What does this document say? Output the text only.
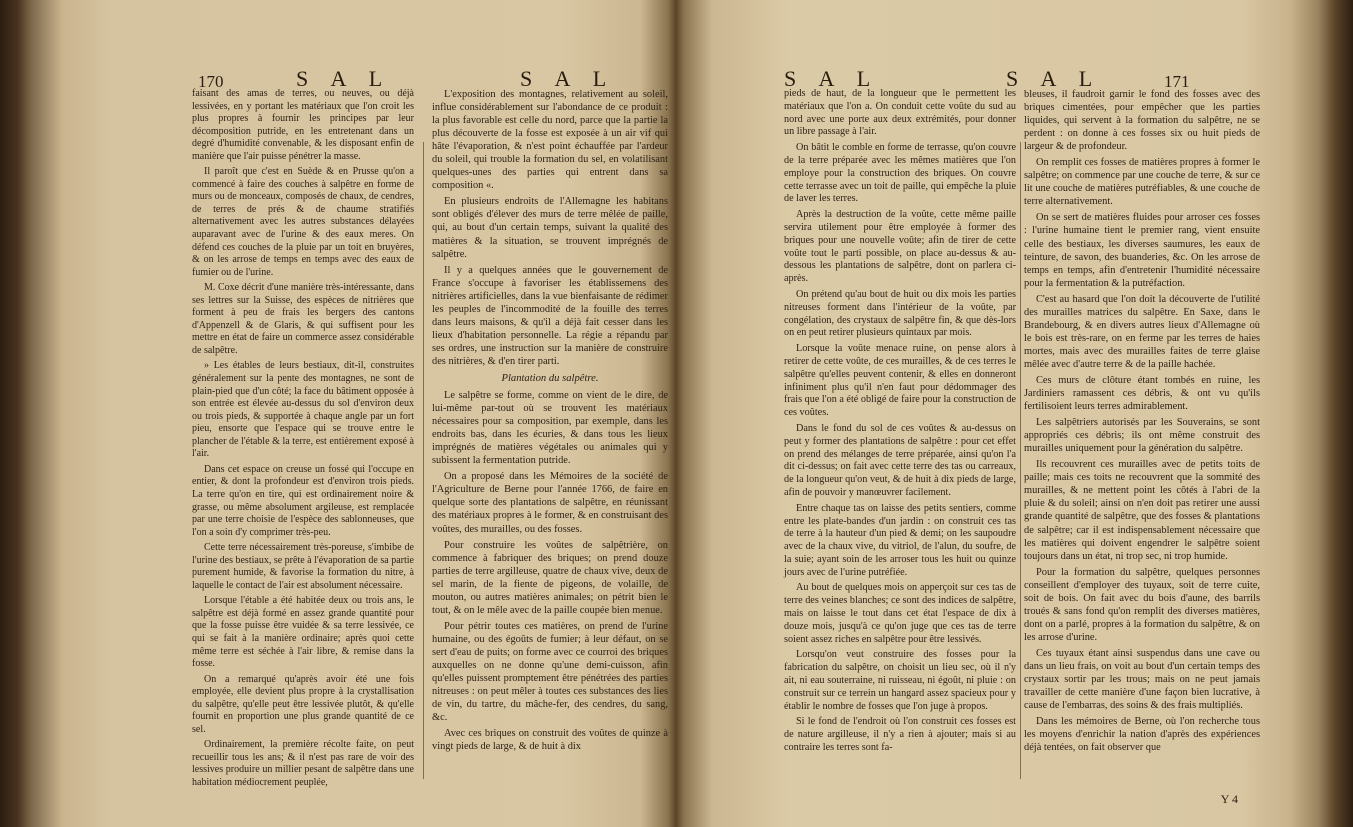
170	S A L	S A L

faisant des amas de terres, ou neuves, ou déjà lessivées, en y portant les matériaux que l'on croit les plus propres à fournir les principes par leur décomposition putride, en les entretenant dans un degré d'humidité convenable, & les disposant enfin de manière que l'air puisse pénétrer la masse.

Il paroît que c'est en Suède & en Prusse qu'on a commencé à faire des couches à salpêtre en forme de murs ou de monceaux, composés de chaux, de cendres, de terres de prés & de chaume stratifiés alternativement avec les autres substances délayées auparavant avec de l'urine & des eaux meres. On défend ces couches de la pluie par un toit en bruyères, & on les arrose de temps en temps avec des eaux de fumier ou de l'urine.

M. Coxe décrit d'une manière très-intéressante, dans ses lettres sur la Suisse, des espèces de nitrières que forment à peu de frais les bergers des cantons d'Appenzell & de Glaris, & qui suffisent pour les mettre en état de faire un commerce assez considérable de salpêtre.

» Les étables de leurs bestiaux, dit-il, construites généralement sur la pente des montagnes, ne sont de plain-pied que d'un côté; la face du bâtiment opposée à son entrée est élevée au-dessus du sol d'environ deux ou trois pieds, & supportée à chaque angle par un fort pieu, ensorte que l'espace qui se trouve entre le plancher de l'étable & la terre, est entièrement exposé à l'air.

Dans cet espace on creuse un fossé qui l'occupe en entier, & dont la profondeur est d'environ trois pieds. La terre qu'on en tire, qui est ordinairement noire & grasse, ou même absolument argileuse, est remplacée par une terre choisie de l'espèce des sablonneuses, que l'on a soin d'y comprimer très-peu.

Cette terre nécessairement très-poreuse, s'imbibe de l'urine des bestiaux, se prête à l'évaporation de sa partie purement humide, & favorise la formation du nitre, à laquelle le contact de l'air est absolument nécessaire.

Lorsque l'étable a été habitée deux ou trois ans, le salpêtre est déjà formé en assez grande quantité pour que la fosse puisse être vuidée & sa terre lessivée, ce qui se fait à la manière ordinaire; après quoi cette même terre est séchée à l'air libre, & remise dans la fosse.

On a remarqué qu'après avoir été une fois employée, elle devient plus propre à la crystallisation du salpêtre, qu'elle peut être lessivée plutôt, & qu'elle fournit en proportion une plus grande quantité de ce sel.

Ordinairement, la première récolte faite, on peut recueillir tous les ans; & il n'est pas rare de voir des lessives produire un millier pesant de salpêtre dans une habitation médiocrement peuplée,

L'exposition des montagnes, relativement au soleil, influe considérablement sur l'abondance de ce produit : la plus favorable est celle du nord, parce que la partie la plus découverte de la fosse est exposée à un air vif qui hâte l'évaporation, & n'est point échauffée par l'ardeur du soleil, qui trouble la formation du sel, en volatilisant quelques-unes des parties qui entrent dans sa composition «.

En plusieurs endroits de l'Allemagne les habitans sont obligés d'élever des murs de terre mêlée de paille, qui, au bout d'un certain temps, suivant la qualité des matières & la situation, se trouvent imprégnés de salpêtre.

Il y a quelques années que le gouvernement de France s'occupe à favoriser les établissemens des nitrières artificielles, dans la vue bienfaisante de rédimer les peuples de l'incommodité de la fouille des terres dans leurs maisons, & qu'il a déjà fait cesser dans les lieux d'habitation personnelle. La régie a répandu par ses ordres, une instruction sur la manière de construire des nitrières, & d'en tirer parti.

Plantation du salpêtre.

Le salpêtre se forme, comme on vient de le dire, de lui-même par-tout où se trouvent les matériaux nécessaires pour sa composition, par exemple, dans les endroits bas, dans les écuries, & dans tous les lieux imprégnés de matières végétales ou animales qui y subissent la fermentation putride.

On a proposé dans les Mémoires de la société de l'Agriculture de Berne pour l'année 1766, de faire en quelque sorte des plantations de salpêtre, en réunissant des matériaux propres à le former, & en construisant des voûtes, des murailles, ou des fosses.

Pour construire les voûtes de salpêtrière, on commence à fabriquer des briques; on prend douze parties de terre argilleuse, quatre de chaux vive, deux de sel marin, de la fiente de pigeons, de volaille, de mouton, ou autres matières animales; on pétrit bien le tout, & on le mêle avec de la paille coupée bien menue.

Pour pétrir toutes ces matières, on prend de l'urine humaine, ou des égoûts de fumier; à leur défaut, on se sert d'eau de puits; on forme avec ce courroi des briques auxquelles on ne donne qu'une demi-cuisson, afin qu'elles puissent promptement être pénétrées des parties nitreuses : on peut mêler à toutes ces substances des lies de vin, du tartre, du mâche-fer, des cendres, du sang, &c.

Avec ces briques on construit des voûtes de quinze à vingt pieds de large, & de huit à dix

S A L	S A L	171

pieds de haut, de la longueur que le permettent les matériaux que l'on a. On conduit cette voûte du sud au nord avec une porte aux deux extrémités, pour donner un libre passage à l'air.

On bâtit le comble en forme de terrasse, qu'on couvre de la terre préparée avec les mêmes matières que l'on employe pour la construction des briques. On couvre cette terrasse avec un toit de paille, qui empêche la pluie de laver les terres.

Après la destruction de la voûte, cette même paille servira utilement pour être employée à former des briques pour une nouvelle voûte; afin de tirer de cette voûte tout le parti possible, on place au-dessus & au-dessous les plantations de salpêtre, dont on parlera ci-après.

On prétend qu'au bout de huit ou dix mois les parties nitreuses forment dans l'intérieur de la voûte, par congélation, des crystaux de salpêtre fin, & que dès-lors on en peut retirer plusieurs quintaux par mois.

Lorsque la voûte menace ruine, on pense alors à retirer de cette voûte, de ces murailles, & de ces terres le salpêtre qu'elles peuvent contenir, & elles en donneront infiniment plus qu'il n'en faut pour dédommager des frais que l'on a été obligé de faire pour la construction de ces voûtes.

Dans le fond du sol de ces voûtes & au-dessus on peut y former des plantations de salpêtre : pour cet effet on prend des mélanges de terre préparée, ainsi qu'on l'a dit ci-dessus; on fait avec cette terre des tas ou carreaux, de la longueur qu'on veut, & de huit à dix pieds de large, afin de pouvoir y manœuvrer facilement.

Entre chaque tas on laisse des petits sentiers, comme entre les plate-bandes d'un jardin : on construit ces tas de terre à la hauteur d'un pied & demi; on les saupoudre avec de la chaux vive, du vitriol, de l'alun, du soufre, de la suie; ayant soin de les arroser tous les huit ou quinze jours avec de l'urine putréfiée.

Au bout de quelques mois on apperçoit sur ces tas de terre des veines blanches; ce sont des indices de salpêtre, mais on laisse le tout dans cet état l'espace de dix à douze mois, jusqu'à ce qu'on juge que ces tas de terre soient assez riches en salpêtre pour être lessivés.

Lorsqu'on veut construire des fosses pour la fabrication du salpêtre, on choisit un lieu sec, où il n'y ait, ni eau souterraine, ni ruisseau, ni égoût, ni pluie : on construit sur ce terrein un hangard assez spacieux pour y établir le nombre de fosses que l'on juge à propos.

Si le fond de l'endroit où l'on construit ces fosses est de nature argilleuse, il n'y a rien à ajouter; mais si au contraire les terres sont fa-

bleuses, il faudroit garnir le fond des fosses avec des briques cimentées, pour empêcher que les parties liquides, qui servent à la formation du salpêtre, ne se perdent : on donne à ces fosses six ou huit pieds de largeur & de profondeur.

On remplit ces fosses de matières propres à former le salpêtre; on commence par une couche de terre, & sur ce lit une couche de matières putréfiables, & une couche de terre alternativement.

On se sert de matières fluides pour arroser ces fosses : l'urine humaine tient le premier rang, vient ensuite celle des bestiaux, les diverses saumures, les eaux de teinture, de savon, des buanderies, &c. On les arrose de temps en temps, afin d'entretenir l'humidité nécessaire pour la fermentation & la putréfaction.

C'est au hasard que l'on doit la découverte de l'utilité des murailles matrices du salpêtre. En Saxe, dans le Brandebourg, & en divers autres lieux d'Allemagne où le bois est très-rare, on en ferme par les terres de haies mortes, mais avec des murailles faites de terre glaise mêlée avec d'autre terre & de la paille hachée.

Ces murs de clôture étant tombés en ruine, les Jardiniers ramassent ces débris, & ont vu qu'ils fertilisoient leurs terres admirablement.

Les salpêtriers autorisés par les Souverains, se sont appropriés ces débris; ils ont même construit des murailles uniquement pour la génération du salpêtre.

Ils recouvrent ces murailles avec de petits toits de paille; mais ces toits ne recouvrent que la sommité des murailles, & ne mettent point les côtés à l'abri de la pluie & du soleil; ainsi on n'en doit pas retirer une aussi grande quantité de salpêtre, que des fosses & plantations de salpêtre; car il est indispensablement nécessaire que les matières qui doivent engendrer le salpêtre soient toujours dans un état, ni trop sec, ni trop humide.

Pour la formation du salpêtre, quelques personnes conseillent d'employer des tuyaux, soit de terre cuite, soit de bois. On fait avec du bois d'aune, des barrils troués & sans fond qu'on remplit des diverses matières, dont on a parlé, propres à la formation du salpêtre, & on les arrose d'urine.

Ces tuyaux étant ainsi suspendus dans une cave ou dans un lieu frais, on voit au bout d'un certain temps des crystaux sortir par les trous; mais on ne peut jamais travailler de cette manière d'une façon bien lucrative, à cause de l'embarras, des soins & des frais multipliés.

Dans les mémoires de Berne, où l'on recherche tous les moyens d'enrichir la nation d'après des expériences déjà tentées, on fait observer que

Y 4
